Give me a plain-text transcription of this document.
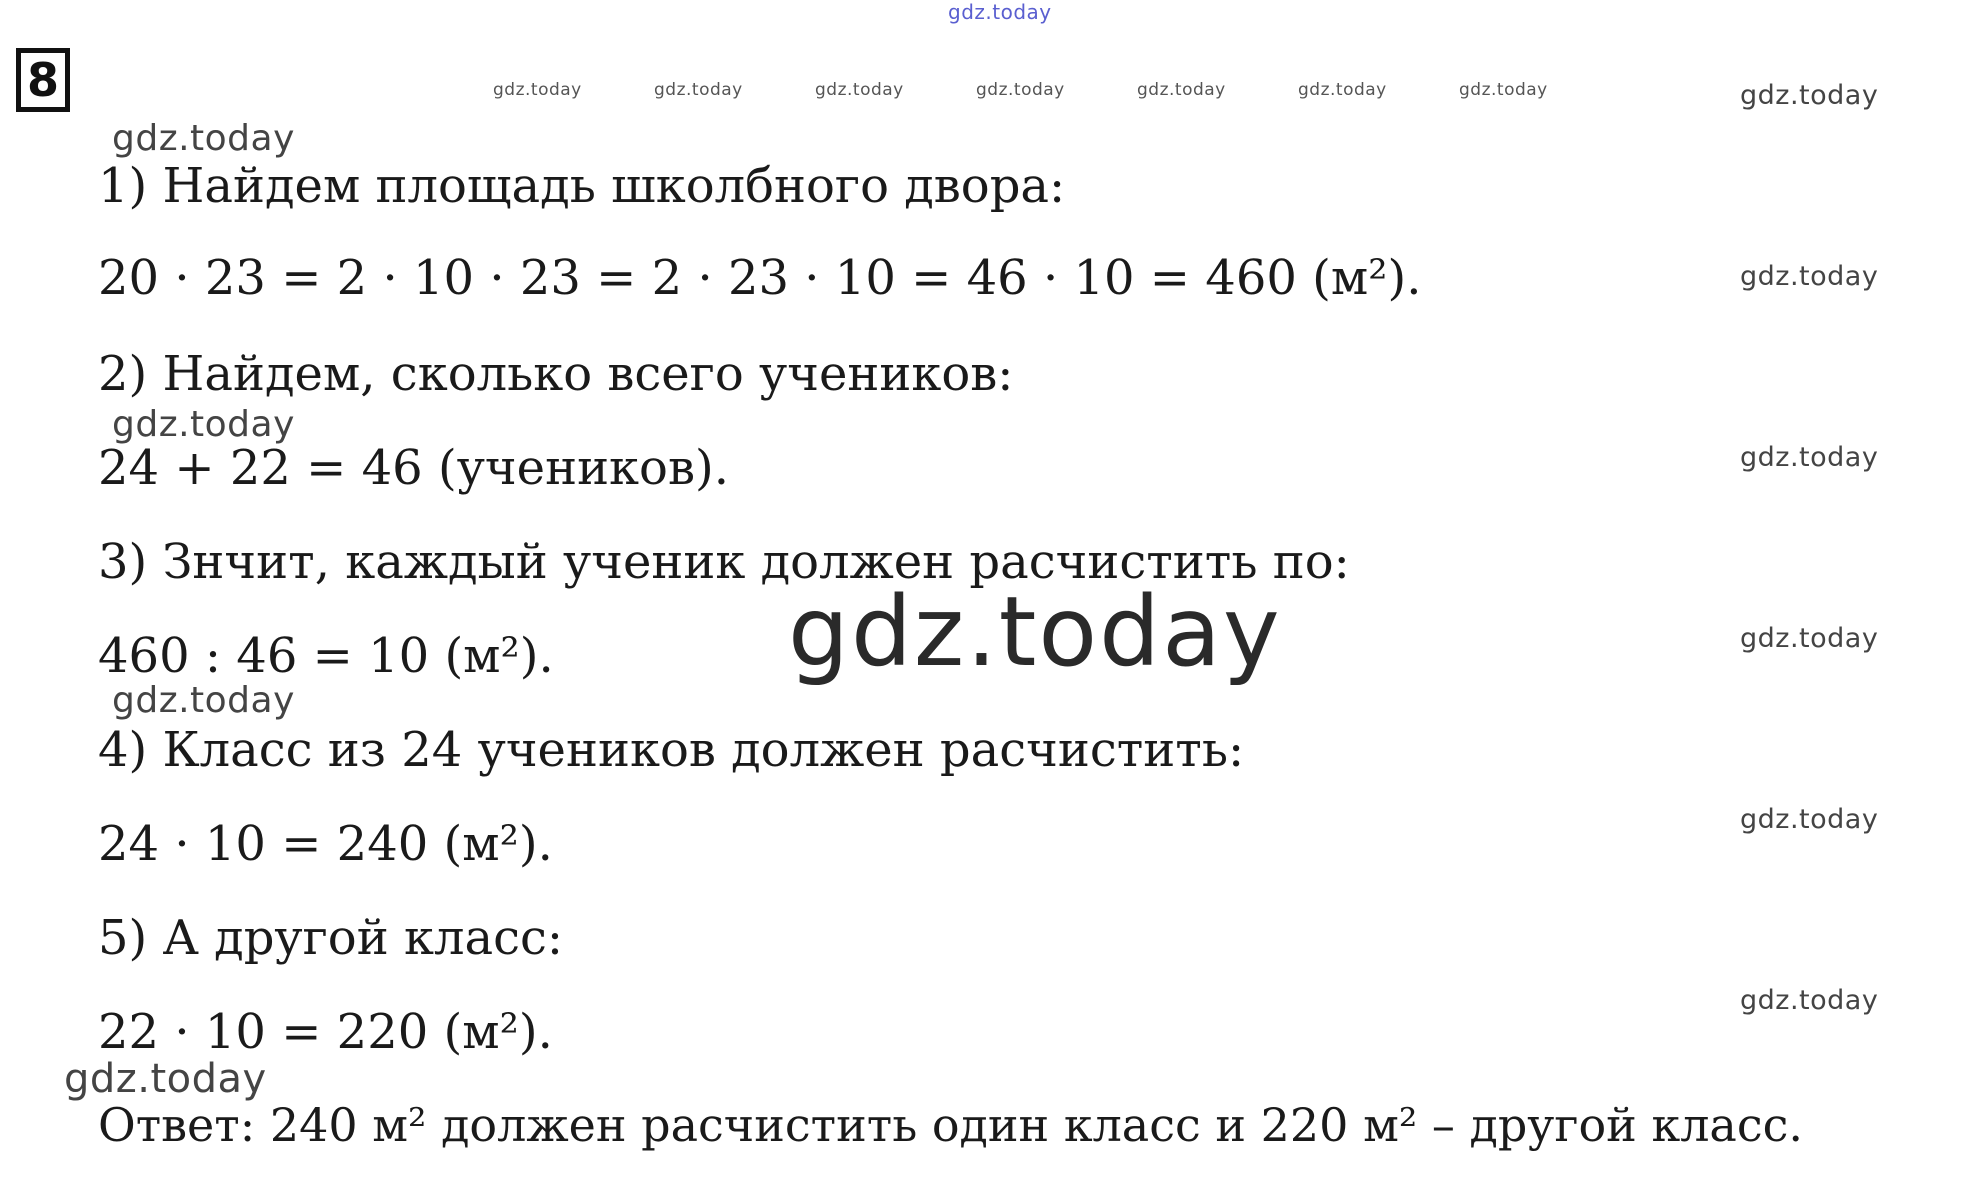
gdz.today
gdz.today	gdz.today	gdz.today	gdz.today	gdz.today	gdz.today	gdz.today	gdz.today
gdz.today
gdz.today
gdz.today
gdz.today
gdz.today
gdz.today
gdz.today
gdz.today
gdz.today
8
1) Найдем площадь школбного двора:
20 · 23 = 2 · 10 · 23 = 2 · 23 · 10 = 46 · 10 = 460 (м²).
2) Найдем, сколько всего учеников:
24 + 22 = 46 (учеников).
3) Знчит, каждый ученик должен расчистить по:
460 : 46 = 10 (м²).
4) Класс из 24 учеников должен расчистить:
24 · 10 = 240 (м²).
5) А другой класс:
22 · 10 = 220 (м²).
Ответ: 240 м² должен расчистить один класс и 220 м² – другой класс.
gdz.today
